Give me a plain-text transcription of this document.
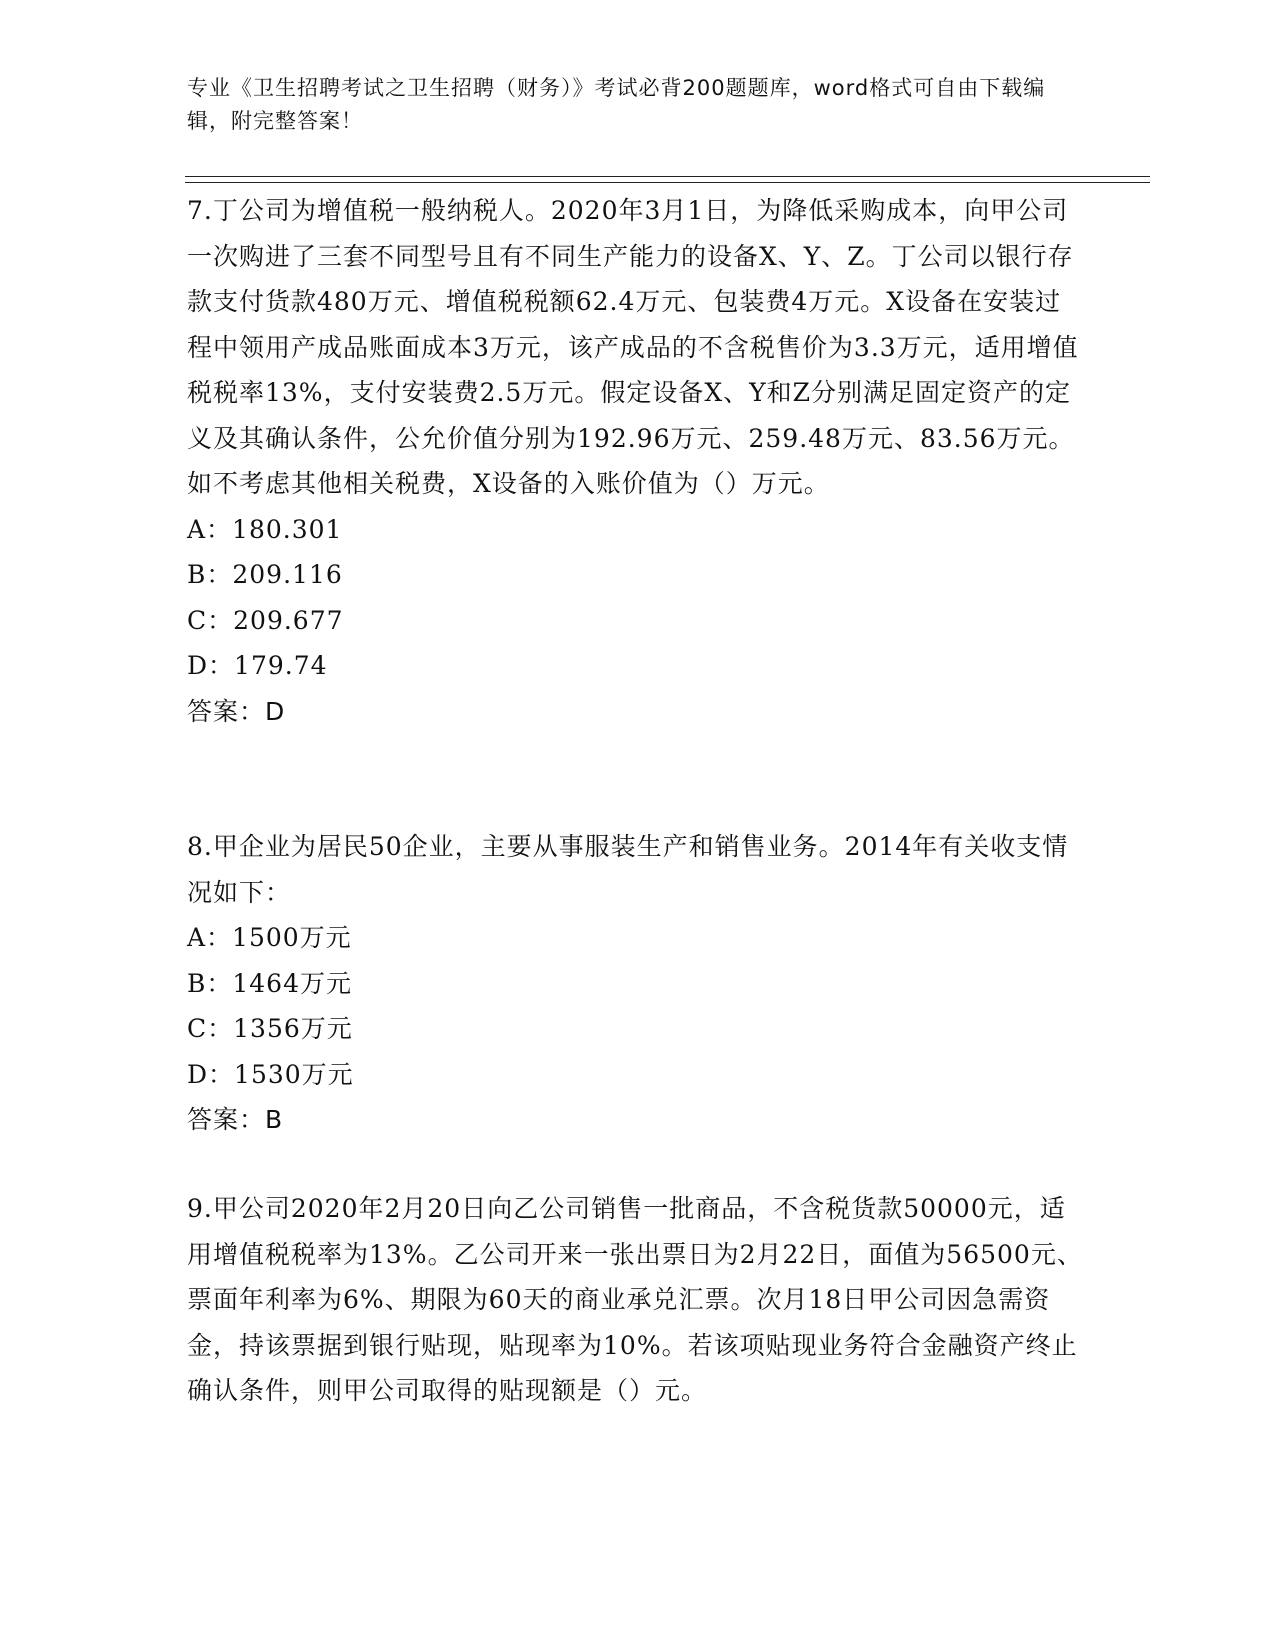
专业《卫生招聘考试之卫生招聘（财务）》考试必背200题题库，word格式可自由下载编辑，附完整答案！

7.丁公司为增值税一般纳税人。2020年3月1日，为降低采购成本，向甲公司一次购进了三套不同型号且有不同生产能力的设备X、Y、Z。丁公司以银行存款支付货款480万元、增值税税额62.4万元、包装费4万元。X设备在安装过程中领用产成品账面成本3万元，该产成品的不含税售价为3.3万元，适用增值税税率13%，支付安装费2.5万元。假定设备X、Y和Z分别满足固定资产的定义及其确认条件，公允价值分别为192.96万元、259.48万元、83.56万元。如不考虑其他相关税费，X设备的入账价值为（）万元。

A：180.301

B：209.116

C：209.677

D：179.74

答案：D

8.甲企业为居民50企业，主要从事服装生产和销售业务。2014年有关收支情况如下：

A：1500万元

B：1464万元

C：1356万元

D：1530万元

答案：B

9.甲公司2020年2月20日向乙公司销售一批商品，不含税货款50000元，适用增值税税率为13%。乙公司开来一张出票日为2月22日，面值为56500元、票面年利率为6%、期限为60天的商业承兑汇票。次月18日甲公司因急需资金，持该票据到银行贴现，贴现率为10%。若该项贴现业务符合金融资产终止确认条件，则甲公司取得的贴现额是（）元。
